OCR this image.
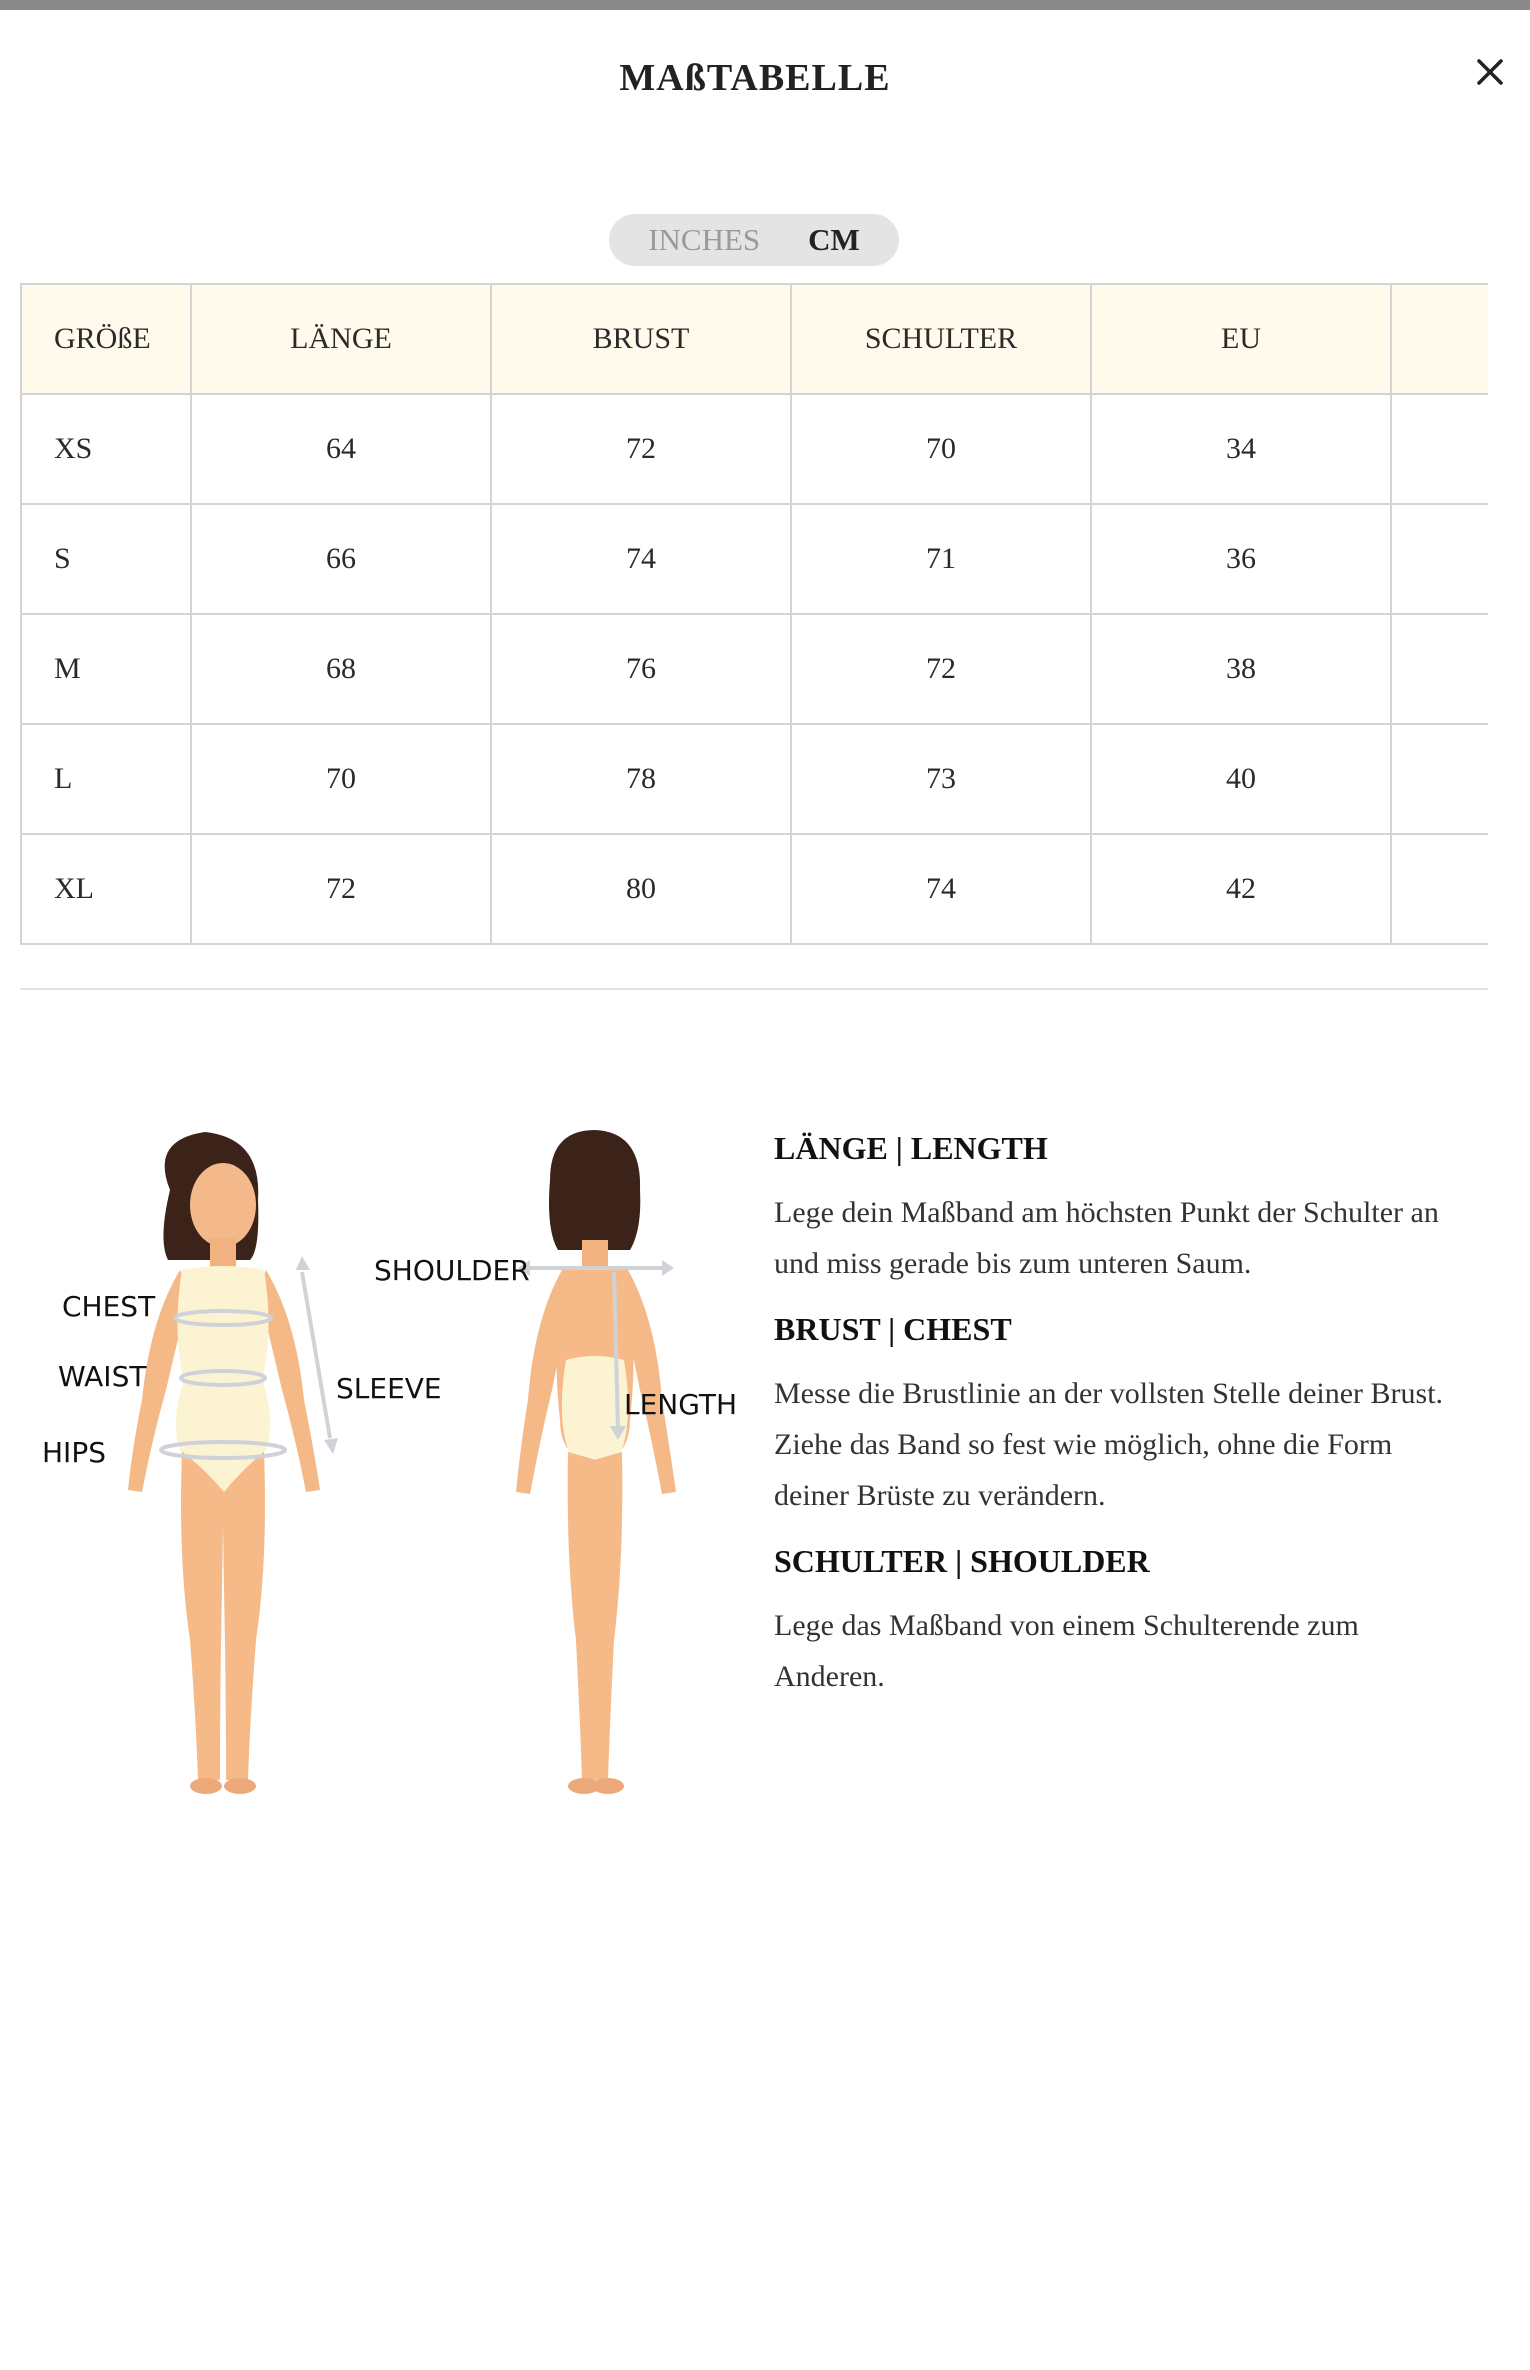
MAßTABELLE
INCHES	CM
GRÖßE	LÄNGE	BRUST	SCHULTER	EU	
XS	64	72	70	34	
S	66	74	71	36	
M	68	76	72	38	
L	70	78	73	40	
XL	72	80	74	42	
CHEST
WAIST
HIPS
SLEEVE
SHOULDER
LENGTH
LÄNGE | LENGTH

Lege dein Maßband am höchsten Punkt der Schulter an und miss gerade bis zum unteren Saum.

BRUST | CHEST

Messe die Brustlinie an der vollsten Stelle deiner Brust. Ziehe das Band so fest wie möglich, ohne die Form deiner Brüste zu verändern.

SCHULTER | SHOULDER

Lege das Maßband von einem Schulterende zum Anderen.
